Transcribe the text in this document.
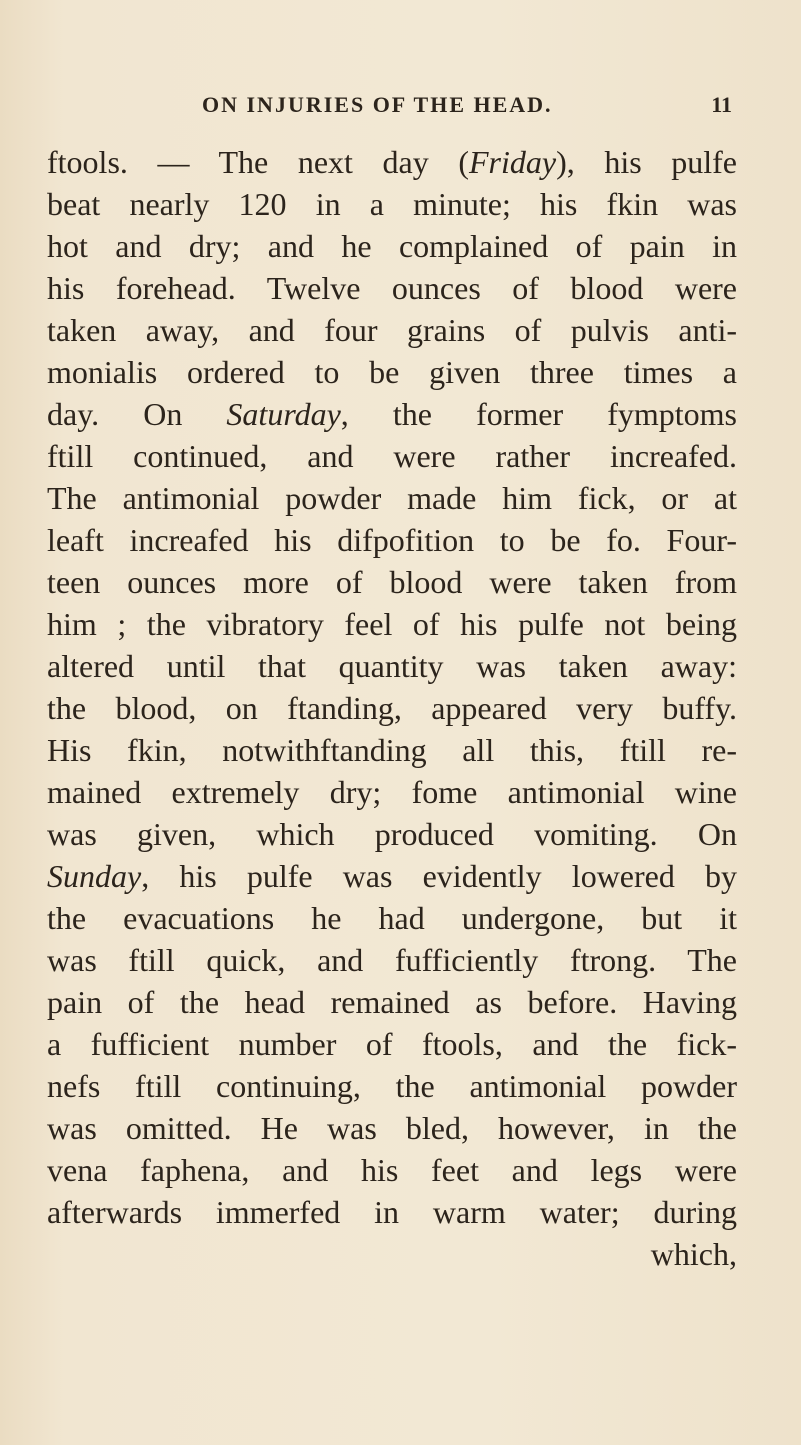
ON INJURIES OF THE HEAD.	11
ftools. — The next day (Friday), his pulfe
beat nearly 120 in a minute; his fkin was
hot and dry; and he complained of pain in
his forehead. Twelve ounces of blood were
taken away, and four grains of pulvis anti-
monialis ordered to be given three times a
day. On Saturday, the former fymptoms
ftill continued, and were rather increafed.
The antimonial powder made him fick, or at
leaft increafed his difpofition to be fo. Four-
teen ounces more of blood were taken from
him ; the vibratory feel of his pulfe not being
altered until that quantity was taken away:
the blood, on ftanding, appeared very buffy.
His fkin, notwithftanding all this, ftill re-
mained extremely dry; fome antimonial wine
was given, which produced vomiting. On
Sunday, his pulfe was evidently lowered by
the evacuations he had undergone, but it
was ftill quick, and fufficiently ftrong. The
pain of the head remained as before. Having
a fufficient number of ftools, and the fick-
nefs ftill continuing, the antimonial powder
was omitted. He was bled, however, in the
vena faphena, and his feet and legs were
afterwards immerfed in warm water; during
which,
